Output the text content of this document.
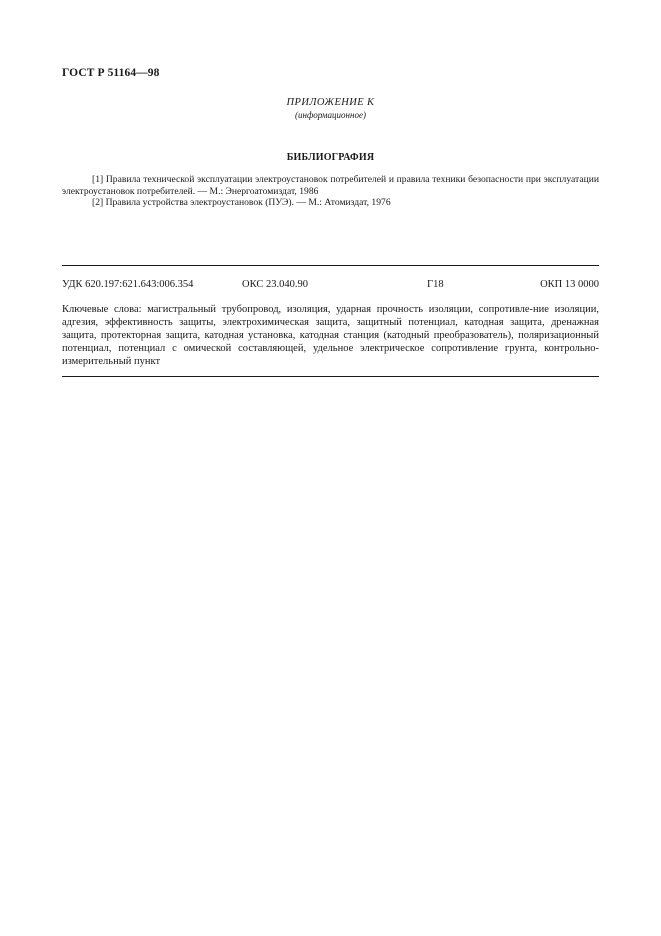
ГОСТ Р 51164—98
ПРИЛОЖЕНИЕ К
(информационное)
БИБЛИОГРАФИЯ

[1] Правила технической эксплуатации электроустановок потребителей и правила техники безопасности при эксплуатации электроустановок потребителей. — М.: Энергоатомиздат, 1986

[2] Правила устройства электроустановок (ПУЭ). — М.: Атомиздат, 1976

УДК 620.197:621.643:006.354	ОКС 23.040.90	Г18	ОКП 13 0000
Ключевые слова: магистральный трубопровод, изоляция, ударная прочность изоляции, сопротивле-ние изоляции, адгезия, эффективность защиты, электрохимическая защита, защитный потенциал, катодная защита, дренажная защита, протекторная защита, катодная установка, катодная станция (катодный преобразователь), поляризационный потенциал, потенциал с омической составляющей, удельное электрическое сопротивление грунта, контрольно-измерительный пункт
